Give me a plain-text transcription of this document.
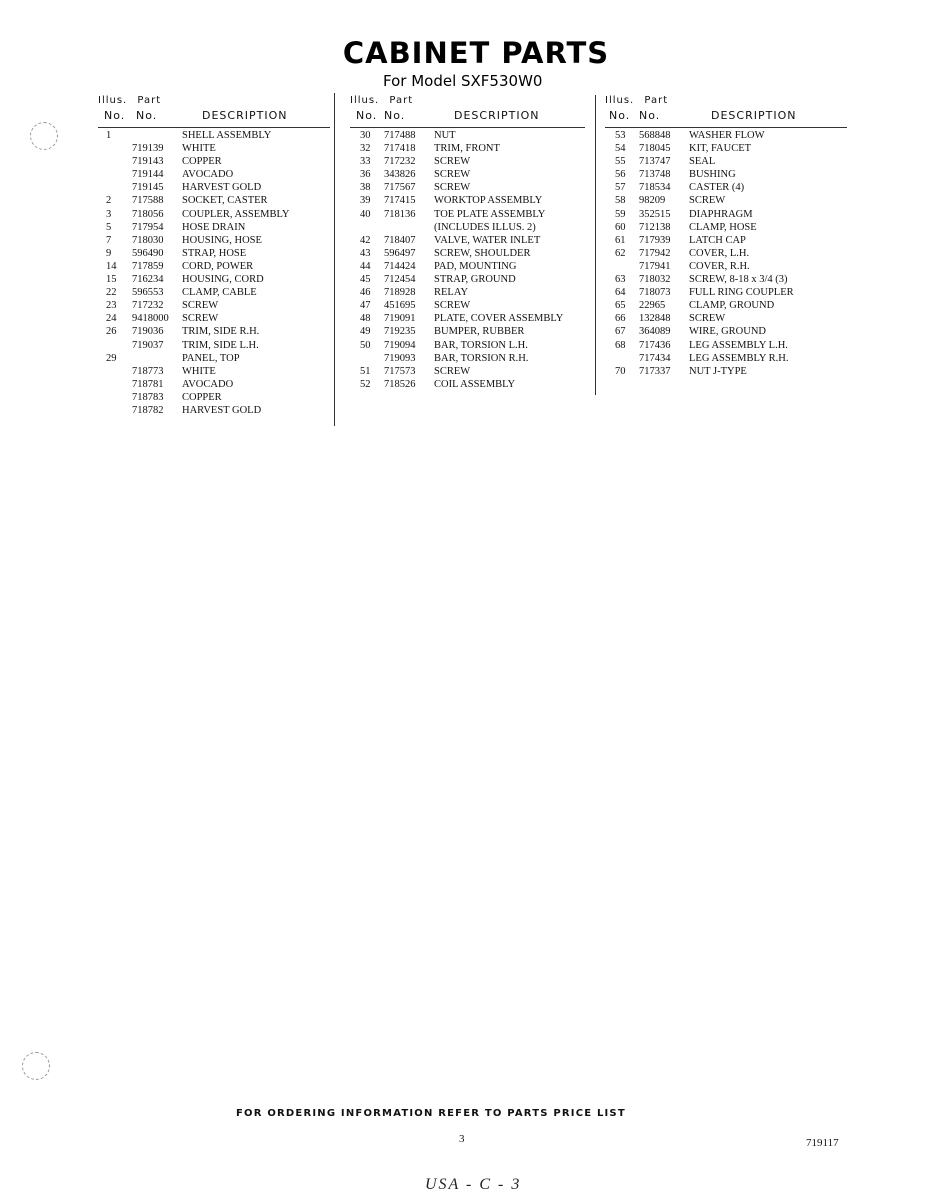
CABINET PARTS
For Model SXF530W0
Illus. Part
No. No.	DESCRIPTION
1	SHELL ASSEMBLY
719139 WHITE
719143 COPPER
719144 AVOCADO
719145 HARVEST GOLD
2	717588 SOCKET, CASTER
3	718056 COUPLER, ASSEMBLY
5	717954 HOSE DRAIN
7	718030 HOUSING, HOSE
9	596490 STRAP, HOSE
14	717859 CORD, POWER
15	716234 HOUSING, CORD
22	596553 CLAMP, CABLE
23	717232 SCREW
24	9418000 SCREW
26	719036 TRIM, SIDE R.H.
719037 TRIM, SIDE L.H.
29	PANEL, TOP
718773 WHITE
718781 AVOCADO
718783 COPPER
718782 HARVEST GOLD
Illus. Part
No. No.	DESCRIPTION
30	717488 NUT
32	717418 TRIM, FRONT
33	717232 SCREW
36	343826 SCREW
38	717567 SCREW
39	717415 WORKTOP ASSEMBLY
40	718136 TOE PLATE ASSEMBLY
(INCLUDES ILLUS. 2)
42	718407 VALVE, WATER INLET
43	596497 SCREW, SHOULDER
44	714424 PAD, MOUNTING
45	712454 STRAP, GROUND
46	718928 RELAY
47	451695 SCREW
48	719091 PLATE, COVER ASSEMBLY
49	719235 BUMPER, RUBBER
50	719094 BAR, TORSION L.H.
719093 BAR, TORSION R.H.
51	717573 SCREW
52	718526 COIL ASSEMBLY
Illus. Part
No. No.	DESCRIPTION
53	568848 WASHER FLOW
54	718045 KIT, FAUCET
55	713747 SEAL
56	713748 BUSHING
57	718534 CASTER (4)
58	98209 SCREW
59	352515 DIAPHRAGM
60	712138 CLAMP, HOSE
61	717939 LATCH CAP
62	717942 COVER, L.H.
717941 COVER, R.H.
63	718032 SCREW, 8-18 x 3/4 (3)
64	718073 FULL RING COUPLER
65	22965 CLAMP, GROUND
66	132848 SCREW
67	364089 WIRE, GROUND
68	717436 LEG ASSEMBLY L.H.
717434 LEG ASSEMBLY R.H.
70	717337 NUT J-TYPE
FOR ORDERING INFORMATION REFER TO PARTS PRICE LIST
3	719117
USA - C - 3
